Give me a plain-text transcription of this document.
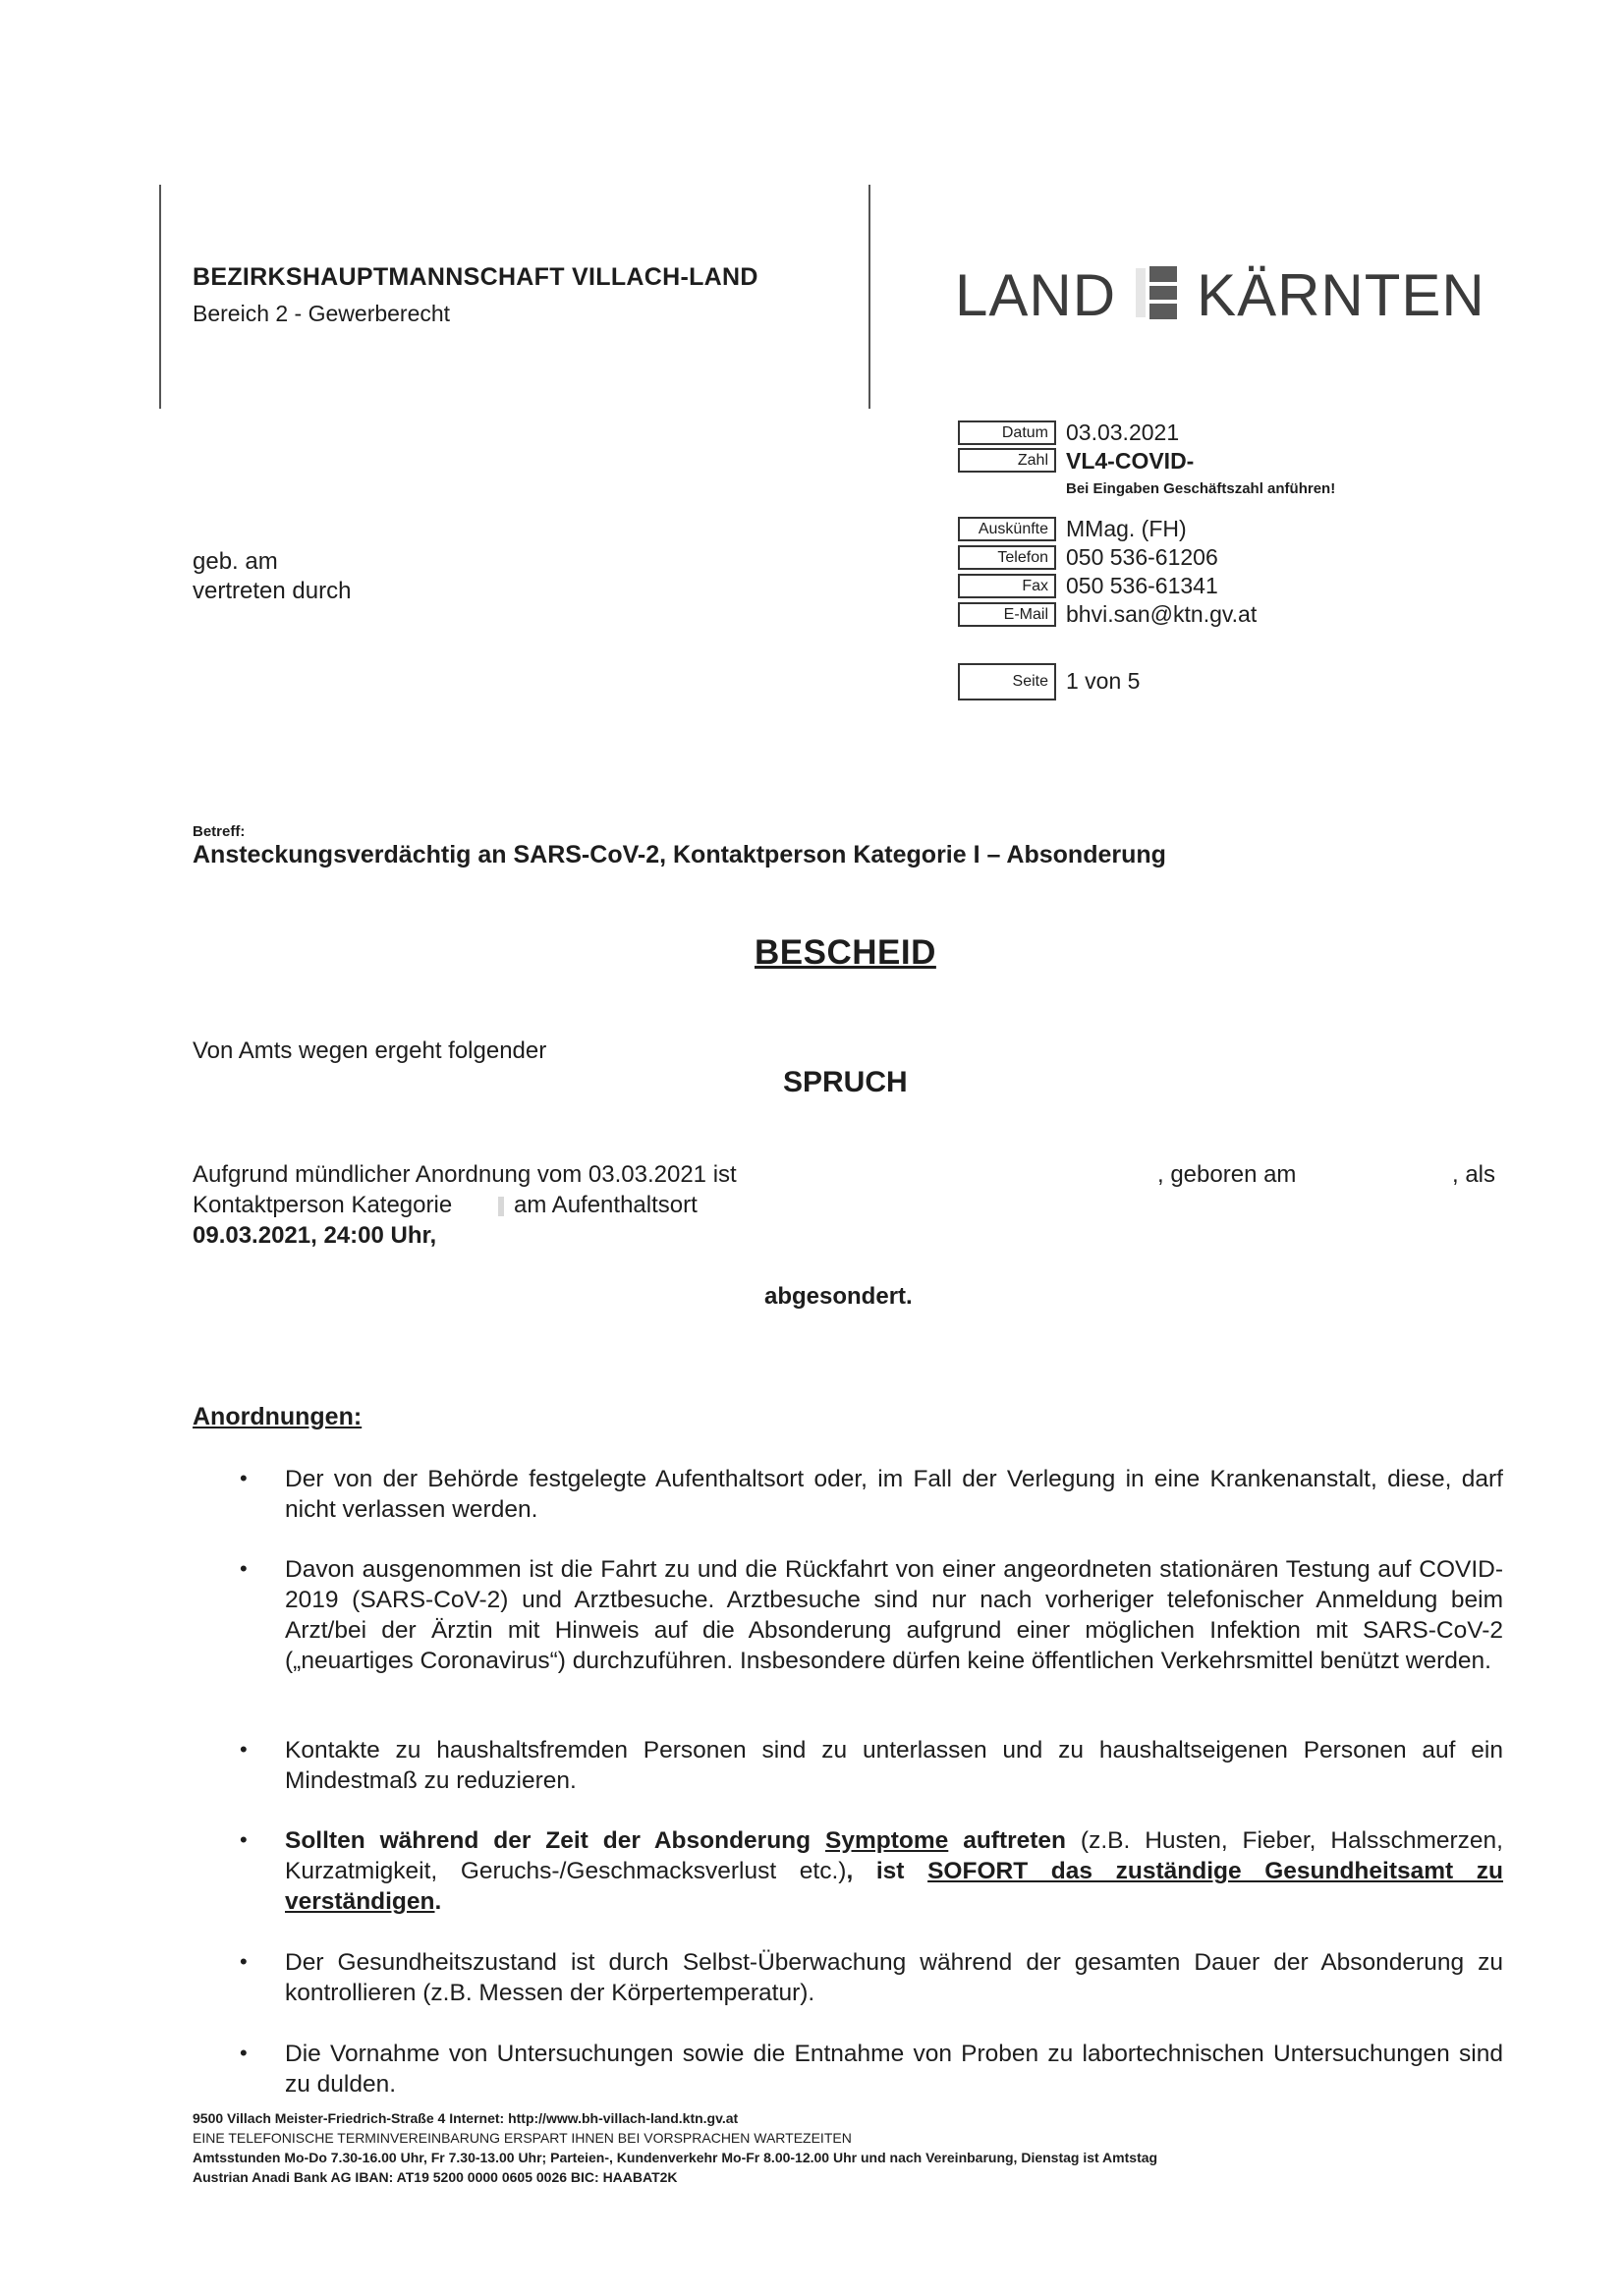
BEZIRKSHAUPTMANNSCHAFT VILLACH-LAND
Bereich 2 - Gewerberecht	LAND KÄRNTEN
Datum 03.03.2021
Zahl VL4-COVID-
Bei Eingaben Geschäftszahl anführen!
Auskünfte MMag. (FH)
Telefon 050 536-61206
Fax 050 536-61341
E-Mail bhvi.san@ktn.gv.at
Seite 1 von 5
geb. am
vertreten durch
Betreff:
Ansteckungsverdächtig an SARS-CoV-2, Kontaktperson Kategorie I – Absonderung
BESCHEID
Von Amts wegen ergeht folgender
SPRUCH
Aufgrund mündlicher Anordnung vom 03.03.2021 ist	, geboren am	, als
Kontaktperson Kategorie	am Aufenthaltsort
09.03.2021, 24:00 Uhr,
abgesondert.
Anordnungen:
• Der von der Behörde festgelegte Aufenthaltsort oder, im Fall der Verlegung in eine Krankenanstalt, diese, darf nicht verlassen werden.
• Davon ausgenommen ist die Fahrt zu und die Rückfahrt von einer angeordneten stationären Testung auf COVID-2019 (SARS-CoV-2) und Arztbesuche. Arztbesuche sind nur nach vorheriger telefonischer Anmeldung beim Arzt/bei der Ärztin mit Hinweis auf die Absonderung aufgrund einer möglichen Infektion mit SARS-CoV-2 („neuartiges Coronavirus“) durchzuführen. Insbesondere dürfen keine öffentlichen Verkehrsmittel benützt werden.
• Kontakte zu haushaltsfremden Personen sind zu unterlassen und zu haushaltseigenen Personen auf ein Mindestmaß zu reduzieren.
• Sollten während der Zeit der Absonderung Symptome auftreten (z.B. Husten, Fieber, Halsschmerzen, Kurzatmigkeit, Geruchs-/Geschmacksverlust etc.), ist SOFORT das zuständige Gesundheitsamt zu verständigen.
• Der Gesundheitszustand ist durch Selbst-Überwachung während der gesamten Dauer der Absonderung zu kontrollieren (z.B. Messen der Körpertemperatur).
• Die Vornahme von Untersuchungen sowie die Entnahme von Proben zu labortechnischen Untersuchungen sind zu dulden.
9500 Villach Meister-Friedrich-Straße 4 Internet: http://www.bh-villach-land.ktn.gv.at
EINE TELEFONISCHE TERMINVEREINBARUNG ERSPART IHNEN BEI VORSPRACHEN WARTEZEITEN
Amtsstunden Mo-Do 7.30-16.00 Uhr, Fr 7.30-13.00 Uhr; Parteien-, Kundenverkehr Mo-Fr 8.00-12.00 Uhr und nach Vereinbarung, Dienstag ist Amtstag
Austrian Anadi Bank AG IBAN: AT19 5200 0000 0605 0026 BIC: HAABAT2K
